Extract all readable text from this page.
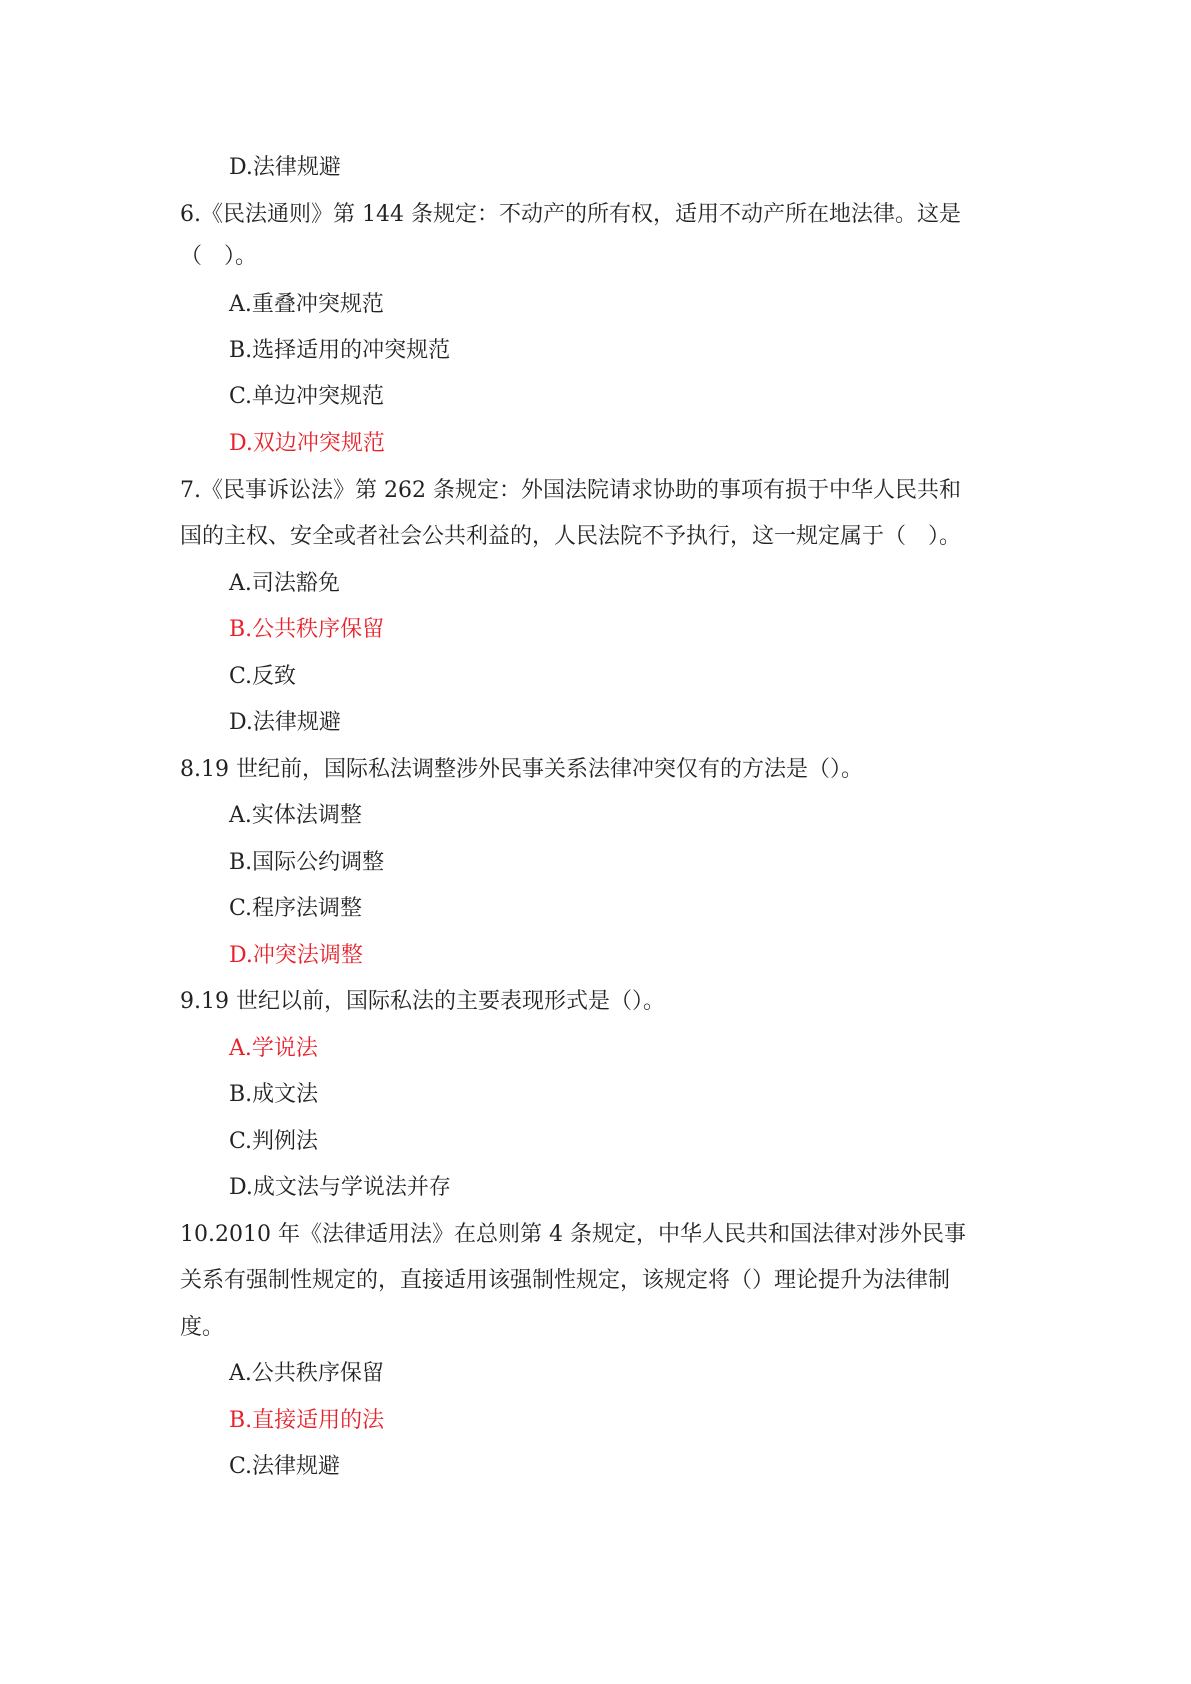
D.法律规避
6.《民法通则》第 144 条规定：不动产的所有权，适用不动产所在地法律。这是
（　）。
A.重叠冲突规范
B.选择适用的冲突规范
C.单边冲突规范
D.双边冲突规范
7.《民事诉讼法》第 262 条规定：外国法院请求协助的事项有损于中华人民共和
国的主权、安全或者社会公共利益的，人民法院不予执行，这一规定属于（　）。
A.司法豁免
B.公共秩序保留
C.反致
D.法律规避
8.19 世纪前，国际私法调整涉外民事关系法律冲突仅有的方法是（）。
A.实体法调整
B.国际公约调整
C.程序法调整
D.冲突法调整
9.19 世纪以前，国际私法的主要表现形式是（）。
A.学说法
B.成文法
C.判例法
D.成文法与学说法并存
10.2010 年《法律适用法》在总则第 4 条规定，中华人民共和国法律对涉外民事
关系有强制性规定的，直接适用该强制性规定，该规定将（）理论提升为法律制
度。
A.公共秩序保留
B.直接适用的法
C.法律规避
